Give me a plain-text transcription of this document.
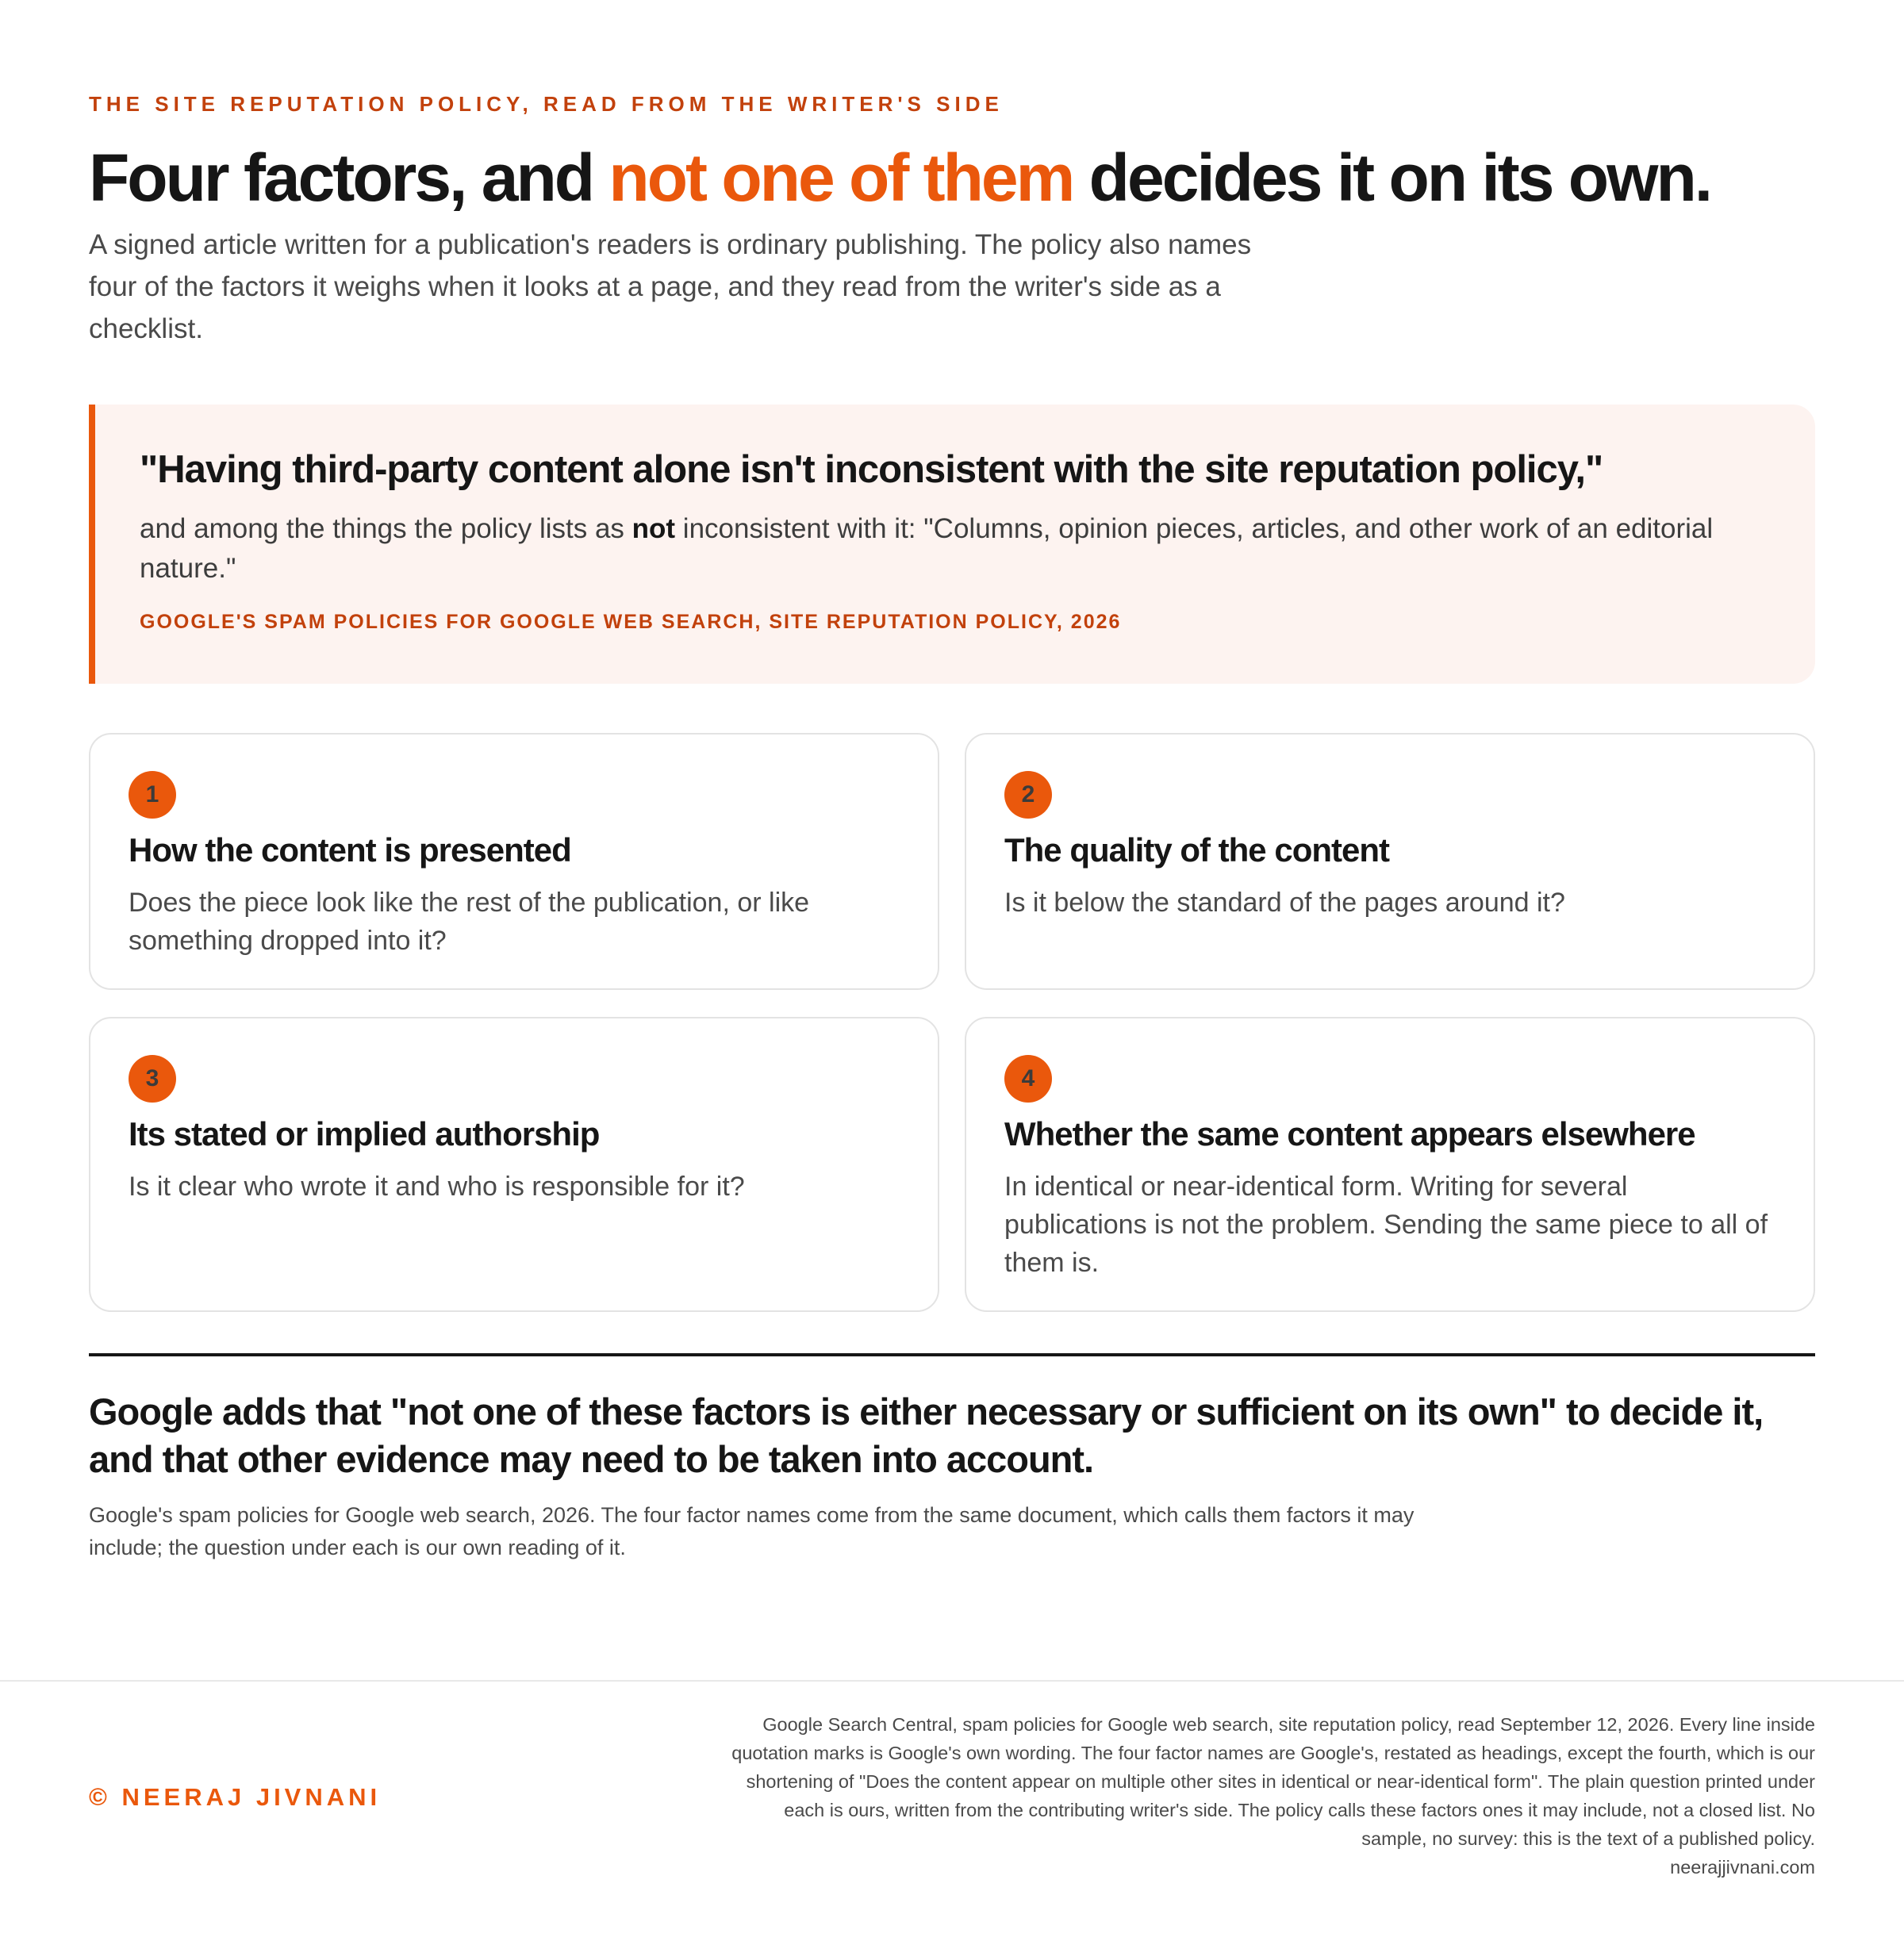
THE SITE REPUTATION POLICY, READ FROM THE WRITER'S SIDE
Four factors, and not one of them decides it on its own.

A signed article written for a publication's readers is ordinary publishing. The policy also names four of the factors it weighs when it looks at a page, and they read from the writer's side as a checklist.

"Having third-party content alone isn't inconsistent with the site reputation policy,"

and among the things the policy lists as not inconsistent with it: "Columns, opinion pieces, articles, and other work of an editorial nature."

GOOGLE'S SPAM POLICIES FOR GOOGLE WEB SEARCH, SITE REPUTATION POLICY, 2026
1
How the content is presented

Does the piece look like the rest of the publication, or like something dropped into it?

2
The quality of the content

Is it below the standard of the pages around it?

3
Its stated or implied authorship

Is it clear who wrote it and who is responsible for it?

4
Whether the same content appears elsewhere

In identical or near-identical form. Writing for several publications is not the problem. Sending the same piece to all of them is.

Google adds that "not one of these factors is either necessary or sufficient on its own" to decide it, and that other evidence may need to be taken into account.

Google's spam policies for Google web search, 2026. The four factor names come from the same document, which calls them factors it may include; the question under each is our own reading of it.

© NEERAJ JIVNANI
Google Search Central, spam policies for Google web search, site reputation policy, read September 12, 2026. Every line inside quotation marks is Google's own wording. The four factor names are Google's, restated as headings, except the fourth, which is our shortening of "Does the content appear on multiple other sites in identical or near-identical form". The plain question printed under each is ours, written from the contributing writer's side. The policy calls these factors ones it may include, not a closed list. No sample, no survey: this is the text of a published policy.
neerajjivnani.com
